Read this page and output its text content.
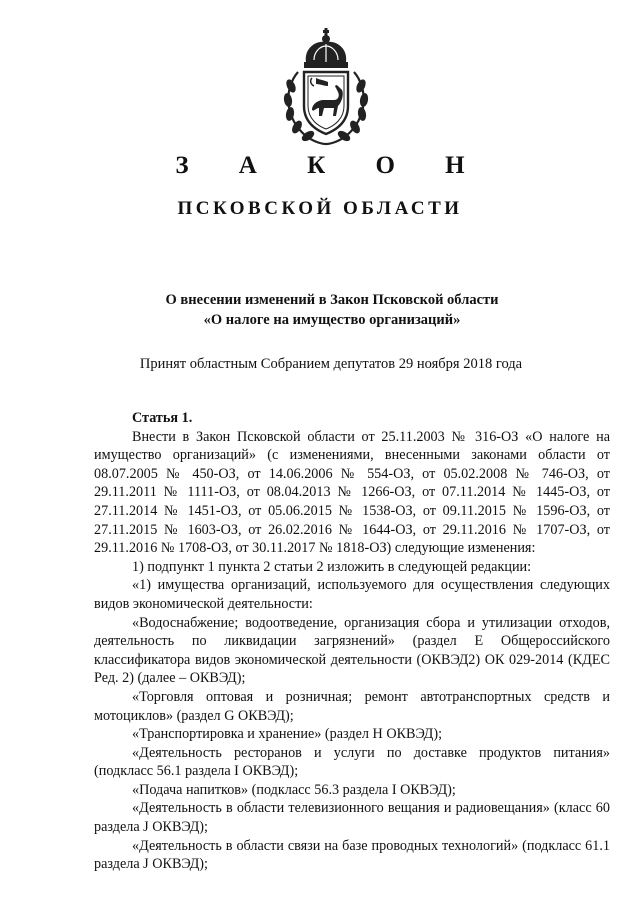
З А К О Н
ПСКОВСКОЙ ОБЛАСТИ
О внесении изменений в Закон Псковской области
«О налоге на имущество организаций»
Принят областным Собранием депутатов 29 ноября 2018 года
Статья 1.

Внести в Закон Псковской области от 25.11.2003 № 316-ОЗ «О налоге на имущество организаций» (с изменениями, внесенными законами области от 08.07.2005 № 450-ОЗ, от 14.06.2006 № 554-ОЗ, от 05.02.2008 № 746-ОЗ, от 29.11.2011 № 1111-ОЗ, от 08.04.2013 № 1266-ОЗ, от 07.11.2014 № 1445-ОЗ, от 27.11.2014 № 1451-ОЗ, от 05.06.2015 № 1538-ОЗ, от 09.11.2015 № 1596-ОЗ, от 27.11.2015 № 1603-ОЗ, от 26.02.2016 № 1644-ОЗ, от 29.11.2016 № 1707-ОЗ, от 29.11.2016 № 1708-ОЗ, от 30.11.2017 № 1818-ОЗ) следующие изменения:

1) подпункт 1 пункта 2 статьи 2 изложить в следующей редакции:

«1) имущества организаций, используемого для осуществления следующих видов экономической деятельности:

«Водоснабжение; водоотведение, организация сбора и утилизации отходов, деятельность по ликвидации загрязнений» (раздел Е Общероссийского классификатора видов экономической деятельности (ОКВЭД2) ОК 029-2014 (КДЕС Ред. 2) (далее – ОКВЭД);

«Торговля оптовая и розничная; ремонт автотранспортных средств и мотоциклов» (раздел G ОКВЭД);

«Транспортировка и хранение» (раздел H ОКВЭД);

«Деятельность ресторанов и услуги по доставке продуктов питания» (подкласс 56.1 раздела I ОКВЭД);

«Подача напитков» (подкласс 56.3 раздела I ОКВЭД);

«Деятельность в области телевизионного вещания и радиовещания» (класс 60 раздела J ОКВЭД);

«Деятельность в области связи на базе проводных технологий» (подкласс 61.1 раздела J ОКВЭД);
